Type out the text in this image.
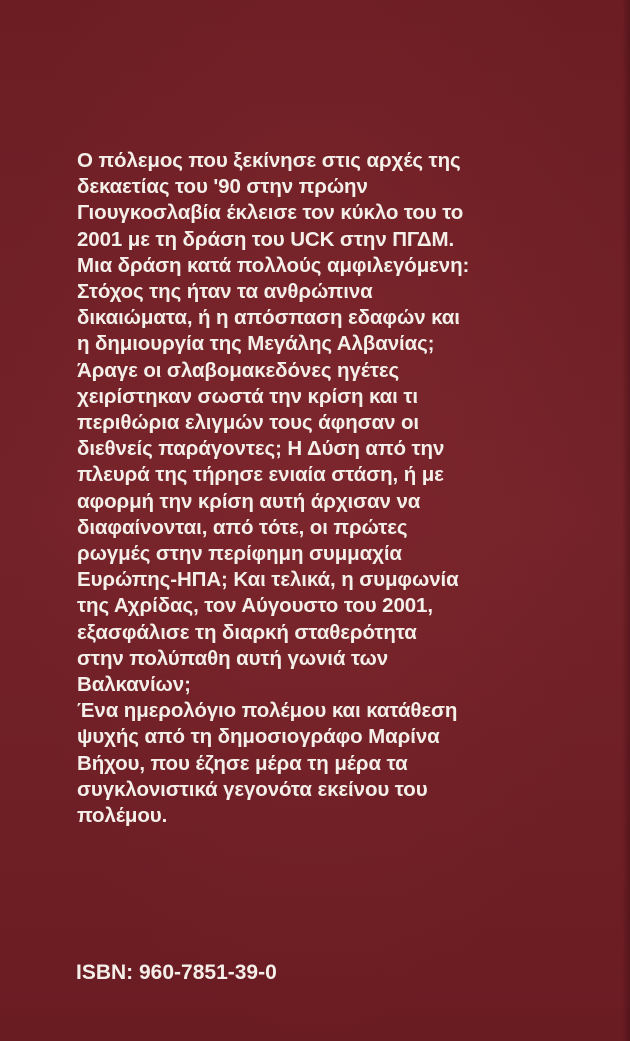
Ο πόλεμος που ξεκίνησε στις αρχές της
δεκαετίας του '90 στην πρώην
Γιουγκοσλαβία έκλεισε τον κύκλο του το
2001 με τη δράση του UCK στην ΠΓΔΜ.
Μια δράση κατά πολλούς αμφιλεγόμενη:
Στόχος της ήταν τα ανθρώπινα
δικαιώματα, ή η απόσπαση εδαφών και
η δημιουργία της Μεγάλης Αλβανίας;
Άραγε οι σλαβομακεδόνες ηγέτες
χειρίστηκαν σωστά την κρίση και τι
περιθώρια ελιγμών τους άφησαν οι
διεθνείς παράγοντες; Η Δύση από την
πλευρά της τήρησε ενιαία στάση, ή με
αφορμή την κρίση αυτή άρχισαν να
διαφαίνονται, από τότε, οι πρώτες
ρωγμές στην περίφημη συμμαχία
Ευρώπης-ΗΠΑ; Και τελικά, η συμφωνία
της Αχρίδας, τον Αύγουστο του 2001,
εξασφάλισε τη διαρκή σταθερότητα
στην πολύπαθη αυτή γωνιά των
Βαλκανίων;
Ένα ημερολόγιο πολέμου και κατάθεση
ψυχής από τη δημοσιογράφο Μαρίνα
Βήχου, που έζησε μέρα τη μέρα τα
συγκλονιστικά γεγονότα εκείνου του
πολέμου.
ISBN: 960-7851-39-0
